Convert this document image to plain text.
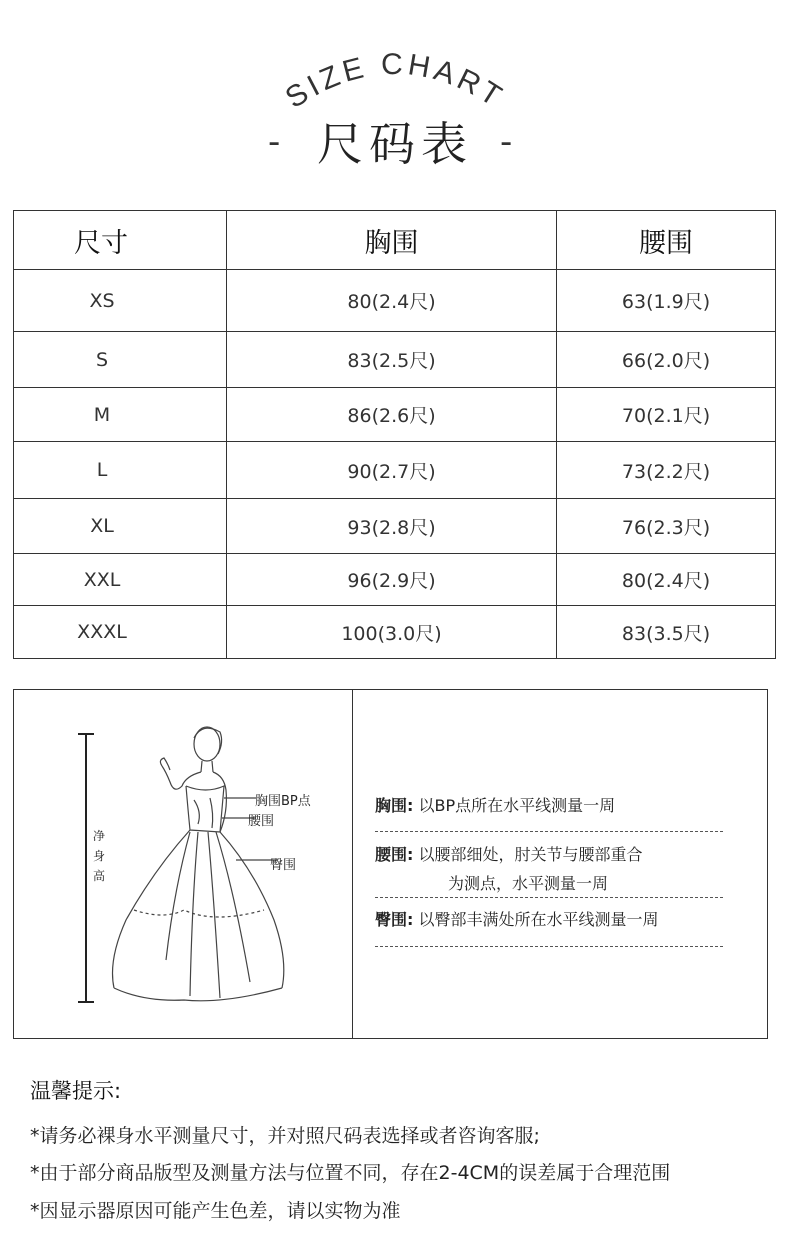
SIZE CHART
- 尺码表 -
尺寸	胸围	腰围
XS	80(2.4尺)	63(1.9尺)
S	83(2.5尺)	66(2.0尺)
M	86(2.6尺)	70(2.1尺)
L	90(2.7尺)	73(2.2尺)
XL	93(2.8尺)	76(2.3尺)
XXL	96(2.9尺)	80(2.4尺)
XXXL	100(3.0尺)	83(3.5尺)
胸围BP点
腰围
臀围
净
身
高
胸围: 以BP点所在水平线测量一周
腰围: 以腰部细处，肘关节与腰部重合
为测点，水平测量一周
臀围: 以臀部丰满处所在水平线测量一周
温馨提示:
*请务必裸身水平测量尺寸，并对照尺码表选择或者咨询客服;
*由于部分商品版型及测量方法与位置不同，存在2-4CM的误差属于合理范围
*因显示器原因可能产生色差，请以实物为准
